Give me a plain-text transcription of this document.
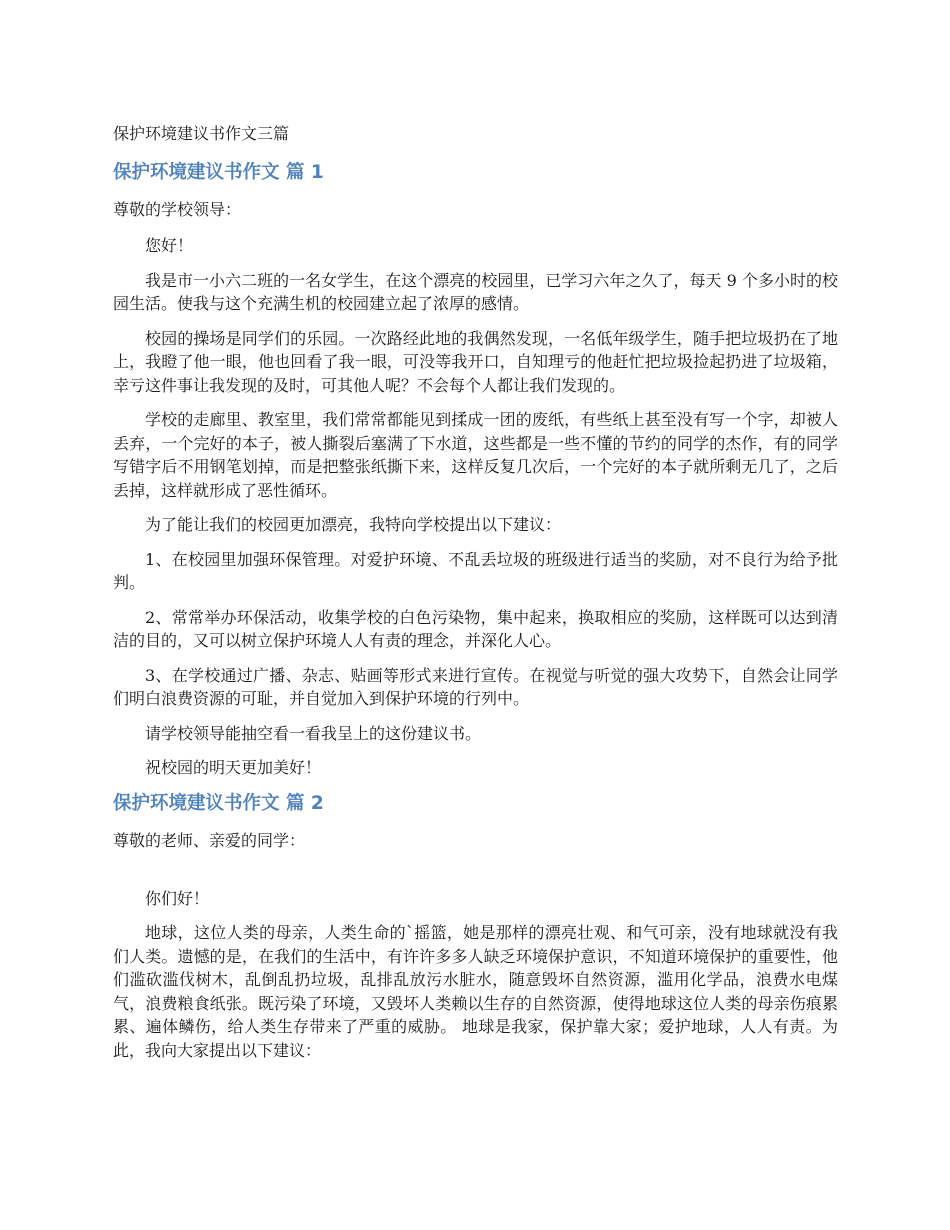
保护环境建议书作文三篇
保护环境建议书作文 篇 1
尊敬的学校领导：

您好！

我是市一小六二班的一名女学生，在这个漂亮的校园里，已学习六年之久了，每天 9 个多小时的校园生活。使我与这个充满生机的校园建立起了浓厚的感情。

校园的操场是同学们的乐园。一次路经此地的我偶然发现，一名低年级学生，随手把垃圾扔在了地上，我瞪了他一眼，他也回看了我一眼，可没等我开口，自知理亏的他赶忙把垃圾捡起扔进了垃圾箱，幸亏这件事让我发现的及时，可其他人呢？不会每个人都让我们发现的。

学校的走廊里、教室里，我们常常都能见到揉成一团的废纸，有些纸上甚至没有写一个字，却被人丢弃，一个完好的本子，被人撕裂后塞满了下水道，这些都是一些不懂的节约的同学的杰作，有的同学写错字后不用钢笔划掉，而是把整张纸撕下来，这样反复几次后，一个完好的本子就所剩无几了，之后丢掉，这样就形成了恶性循环。

为了能让我们的校园更加漂亮，我特向学校提出以下建议：

1、在校园里加强环保管理。对爱护环境、不乱丢垃圾的班级进行适当的奖励，对不良行为给予批判。

2、常常举办环保活动，收集学校的白色污染物，集中起来，换取相应的奖励，这样既可以达到清洁的目的，又可以树立保护环境人人有责的理念，并深化人心。

3、在学校通过广播、杂志、贴画等形式来进行宣传。在视觉与听觉的强大攻势下，自然会让同学们明白浪费资源的可耻，并自觉加入到保护环境的行列中。

请学校领导能抽空看一看我呈上的这份建议书。

祝校园的明天更加美好！

保护环境建议书作文 篇 2
尊敬的老师、亲爱的同学：

你们好！

地球，这位人类的母亲，人类生命的`摇篮，她是那样的漂亮壮观、和气可亲，没有地球就没有我们人类。遗憾的是，在我们的生活中，有许许多多人缺乏环境保护意识，不知道环境保护的重要性，他们滥砍滥伐树木，乱倒乱扔垃圾，乱排乱放污水脏水，随意毁坏自然资源，滥用化学品，浪费水电煤气，浪费粮食纸张。既污染了环境，又毁坏人类赖以生存的自然资源，使得地球这位人类的母亲伤痕累累、遍体鳞伤，给人类生存带来了严重的威胁。 地球是我家，保护靠大家；爱护地球，人人有责。为此，我向大家提出以下建议：
